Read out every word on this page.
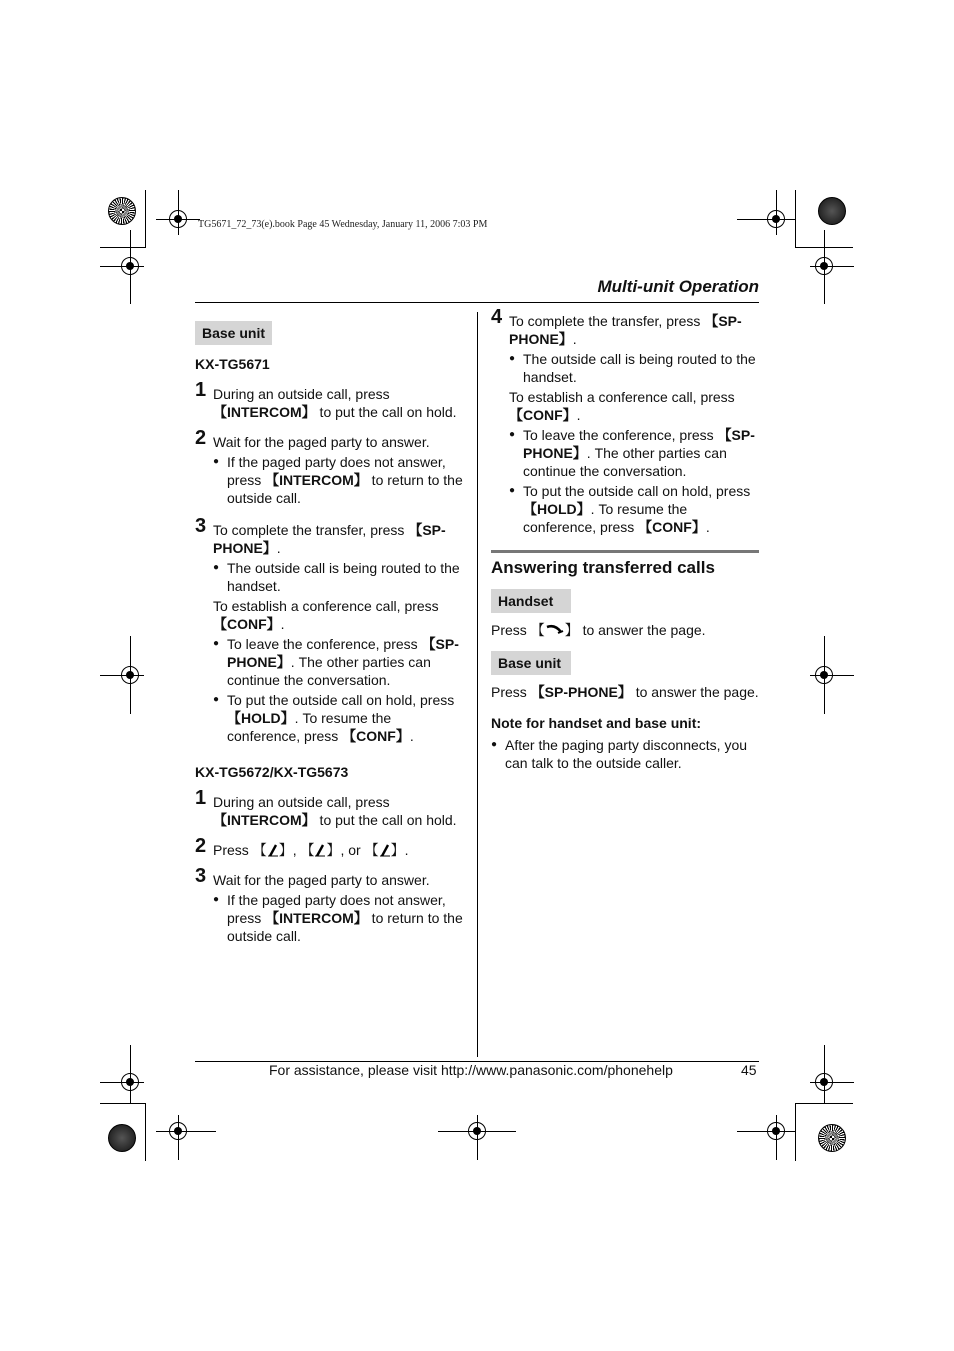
TG5671_72_73(e).book Page 45 Wednesday, January 11, 2006 7:03 PM
Multi-unit Operation
Base unit
KX-TG5671
1 During an outside call, press
【INTERCOM】 to put the call on hold.
2 Wait for the paged party to answer.
● If the paged party does not answer, press 【INTERCOM】 to return to the outside call.
3 To complete the transfer, press 【SP-PHONE】.
● The outside call is being routed to the handset.
To establish a conference call, press 【CONF】.
● To leave the conference, press 【SP-PHONE】. The other parties can continue the conversation.
● To put the outside call on hold, press 【HOLD】. To resume the conference, press 【CONF】.
KX-TG5672/KX-TG5673
1 During an outside call, press
【INTERCOM】 to put the call on hold.
2 Press 【 】, 【 】, or 【 】.
3 Wait for the paged party to answer.
● If the paged party does not answer, press 【INTERCOM】 to return to the outside call.
4 To complete the transfer, press 【SP-PHONE】.
● The outside call is being routed to the handset.
To establish a conference call, press 【CONF】.
● To leave the conference, press 【SP-PHONE】. The other parties can continue the conversation.
● To put the outside call on hold, press 【HOLD】. To resume the conference, press 【CONF】.
Answering transferred calls
Handset
Press 【 】 to answer the page.
Base unit
Press 【SP-PHONE】 to answer the page.
Note for handset and base unit:
● After the paging party disconnects, you can talk to the outside caller.
For assistance, please visit http://www.panasonic.com/phonehelp	45
